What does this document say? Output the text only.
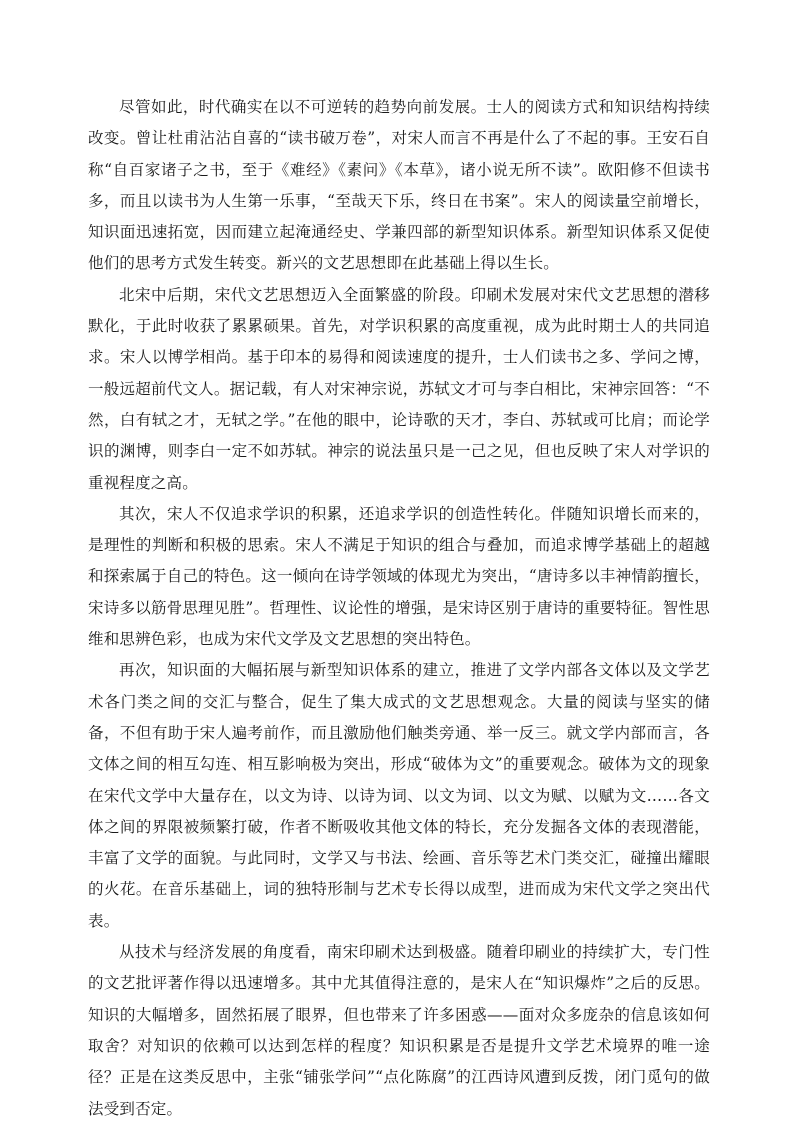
尽管如此，时代确实在以不可逆转的趋势向前发展。士人的阅读方式和知识结构持续改变。曾让杜甫沾沾自喜的“读书破万卷”，对宋人而言不再是什么了不起的事。王安石自称“自百家诸子之书，至于《难经》《素问》《本草》，诸小说无所不读”。欧阳修不但读书多，而且以读书为人生第一乐事，“至哉天下乐，终日在书案”。宋人的阅读量空前增长，知识面迅速拓宽，因而建立起淹通经史、学兼四部的新型知识体系。新型知识体系又促使他们的思考方式发生转变。新兴的文艺思想即在此基础上得以生长。

北宋中后期，宋代文艺思想迈入全面繁盛的阶段。印刷术发展对宋代文艺思想的潜移默化，于此时收获了累累硕果。首先，对学识积累的高度重视，成为此时期士人的共同追求。宋人以博学相尚。基于印本的易得和阅读速度的提升，士人们读书之多、学问之博，一般远超前代文人。据记载，有人对宋神宗说，苏轼文才可与李白相比，宋神宗回答：“不然，白有轼之才，无轼之学。”在他的眼中，论诗歌的天才，李白、苏轼或可比肩；而论学识的渊博，则李白一定不如苏轼。神宗的说法虽只是一己之见，但也反映了宋人对学识的重视程度之高。

其次，宋人不仅追求学识的积累，还追求学识的创造性转化。伴随知识增长而来的，是理性的判断和积极的思索。宋人不满足于知识的组合与叠加，而追求博学基础上的超越和探索属于自己的特色。这一倾向在诗学领域的体现尤为突出，“唐诗多以丰神情韵擅长，宋诗多以筋骨思理见胜”。哲理性、议论性的增强，是宋诗区别于唐诗的重要特征。智性思维和思辨色彩，也成为宋代文学及文艺思想的突出特色。

再次，知识面的大幅拓展与新型知识体系的建立，推进了文学内部各文体以及文学艺术各门类之间的交汇与整合，促生了集大成式的文艺思想观念。大量的阅读与坚实的储备，不但有助于宋人遍考前作，而且激励他们触类旁通、举一反三。就文学内部而言，各文体之间的相互勾连、相互影响极为突出，形成“破体为文”的重要观念。破体为文的现象在宋代文学中大量存在，以文为诗、以诗为词、以文为词、以文为赋、以赋为文……各文体之间的界限被频繁打破，作者不断吸收其他文体的特长，充分发掘各文体的表现潜能，丰富了文学的面貌。与此同时，文学又与书法、绘画、音乐等艺术门类交汇，碰撞出耀眼的火花。在音乐基础上，词的独特形制与艺术专长得以成型，进而成为宋代文学之突出代表。

从技术与经济发展的角度看，南宋印刷术达到极盛。随着印刷业的持续扩大，专门性的文艺批评著作得以迅速增多。其中尤其值得注意的，是宋人在“知识爆炸”之后的反思。知识的大幅增多，固然拓展了眼界，但也带来了许多困惑——面对众多庞杂的信息该如何取舍？对知识的依赖可以达到怎样的程度？知识积累是否是提升文学艺术境界的唯一途径？正是在这类反思中，主张“铺张学问”“点化陈腐”的江西诗风遭到反拨，闭门觅句的做法受到否定。
